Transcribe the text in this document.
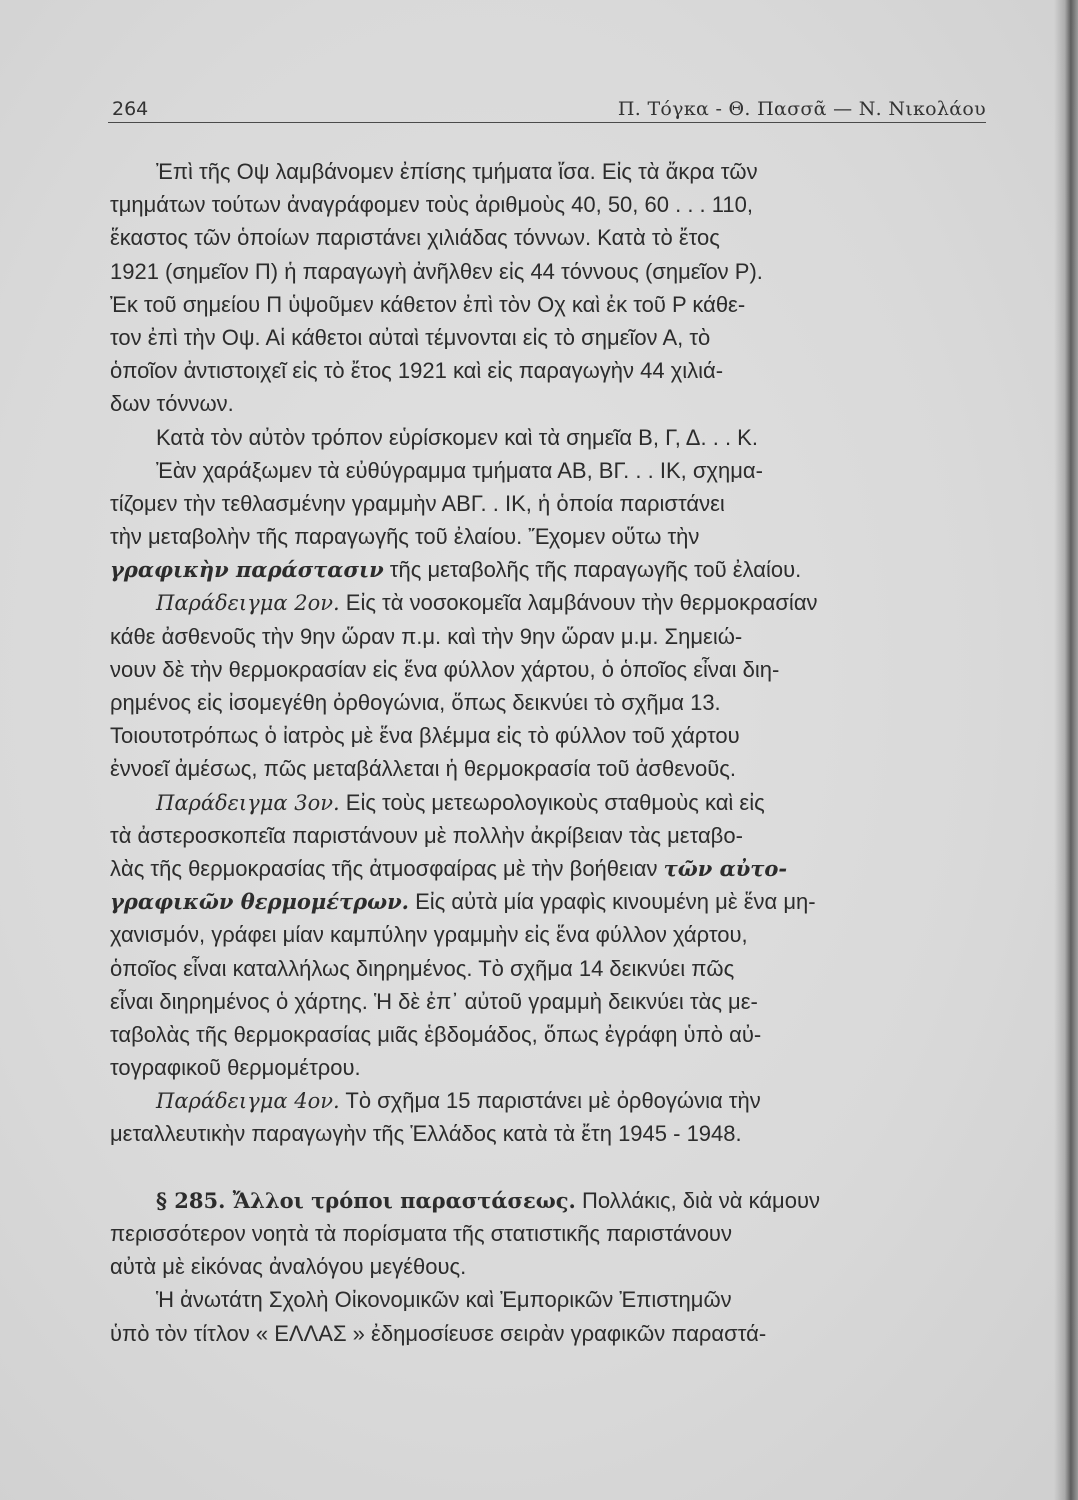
264	Π. Τόγκα - Θ. Πασσᾶ — Ν. Νικολάου
Ἐπὶ τῆς Οψ λαμβάνομεν ἐπίσης τμήματα ἴσα. Εἰς τὰ ἄκρα τῶν
τμημάτων τούτων ἀναγράφομεν τοὺς ἀριθμοὺς 40, 50, 60 . . . 110,
ἕκαστος τῶν ὁποίων παριστάνει χιλιάδας τόννων. Κατὰ τὸ ἔτος
1921 (σημεῖον Π) ἡ παραγωγὴ ἀνῆλθεν εἰς 44 τόννους (σημεῖον Ρ).
Ἐκ τοῦ σημείου Π ὑψοῦμεν κάθετον ἐπὶ τὸν Οχ καὶ ἐκ τοῦ Ρ κάθε-
τον ἐπὶ τὴν Οψ. Αἱ κάθετοι αὐταὶ τέμνονται εἰς τὸ σημεῖον Α, τὸ
ὁποῖον ἀντιστοιχεῖ εἰς τὸ ἔτος 1921 καὶ εἰς παραγωγὴν 44 χιλιά-
δων τόννων.
Κατὰ τὸν αὐτὸν τρόπον εὑρίσκομεν καὶ τὰ σημεῖα Β, Γ, Δ. . . Κ.
Ἐὰν χαράξωμεν τὰ εὐθύγραμμα τμήματα ΑΒ, ΒΓ. . . ΙΚ, σχημα-
τίζομεν τὴν τεθλασμένην γραμμὴν ΑΒΓ. . ΙΚ, ἡ ὁποία παριστάνει
τὴν μεταβολὴν τῆς παραγωγῆς τοῦ ἐλαίου. Ἔχομεν οὕτω τὴν
γραφικὴν παράστασιν τῆς μεταβολῆς τῆς παραγωγῆς τοῦ ἐλαίου.
Παράδειγμα 2ον. Εἰς τὰ νοσοκομεῖα λαμβάνουν τὴν θερμοκρασίαν
κάθε ἀσθενοῦς τὴν 9ην ὥραν π.μ. καὶ τὴν 9ην ὥραν μ.μ. Σημειώ-
νουν δὲ τὴν θερμοκρασίαν εἰς ἕνα φύλλον χάρτου, ὁ ὁποῖος εἶναι διη-
ρημένος εἰς ἰσομεγέθη ὀρθογώνια, ὅπως δεικνύει τὸ σχῆμα 13.
Τοιουτοτρόπως ὁ ἰατρὸς μὲ ἕνα βλέμμα εἰς τὸ φύλλον τοῦ χάρτου
ἐννοεῖ ἀμέσως, πῶς μεταβάλλεται ἡ θερμοκρασία τοῦ ἀσθενοῦς.
Παράδειγμα 3ον. Εἰς τοὺς μετεωρολογικοὺς σταθμοὺς καὶ εἰς
τὰ ἀστεροσκοπεῖα παριστάνουν μὲ πολλὴν ἀκρίβειαν τὰς μεταβο-
λὰς τῆς θερμοκρασίας τῆς ἀτμοσφαίρας μὲ τὴν βοήθειαν τῶν αὐτο-
γραφικῶν θερμομέτρων. Εἰς αὐτὰ μία γραφὶς κινουμένη μὲ ἕνα μη-
χανισμόν, γράφει μίαν καμπύλην γραμμὴν εἰς ἕνα φύλλον χάρτου,
ὁποῖος εἶναι καταλλήλως διηρημένος. Τὸ σχῆμα 14 δεικνύει πῶς
εἶναι διηρημένος ὁ χάρτης. Ἡ δὲ ἐπ᾿ αὐτοῦ γραμμὴ δεικνύει τὰς με-
ταβολὰς τῆς θερμοκρασίας μιᾶς ἑβδομάδος, ὅπως ἐγράφη ὑπὸ αὐ-
τογραφικοῦ θερμομέτρου.
Παράδειγμα 4ον. Τὸ σχῆμα 15 παριστάνει μὲ ὀρθογώνια τὴν
μεταλλευτικὴν παραγωγὴν τῆς Ἑλλάδος κατὰ τὰ ἔτη 1945 - 1948.
§ 285. Ἄλλοι τρόποι παραστάσεως. Πολλάκις, διὰ νὰ κάμουν
περισσότερον νοητὰ τὰ πορίσματα τῆς στατιστικῆς παριστάνουν
αὐτὰ μὲ εἰκόνας ἀναλόγου μεγέθους.
Ἡ ἀνωτάτη Σχολὴ Οἰκονομικῶν καὶ Ἐμπορικῶν Ἐπιστημῶν
ὑπὸ τὸν τίτλον « ΕΛΛΑΣ » ἐδημοσίευσε σειρὰν γραφικῶν παραστά-
